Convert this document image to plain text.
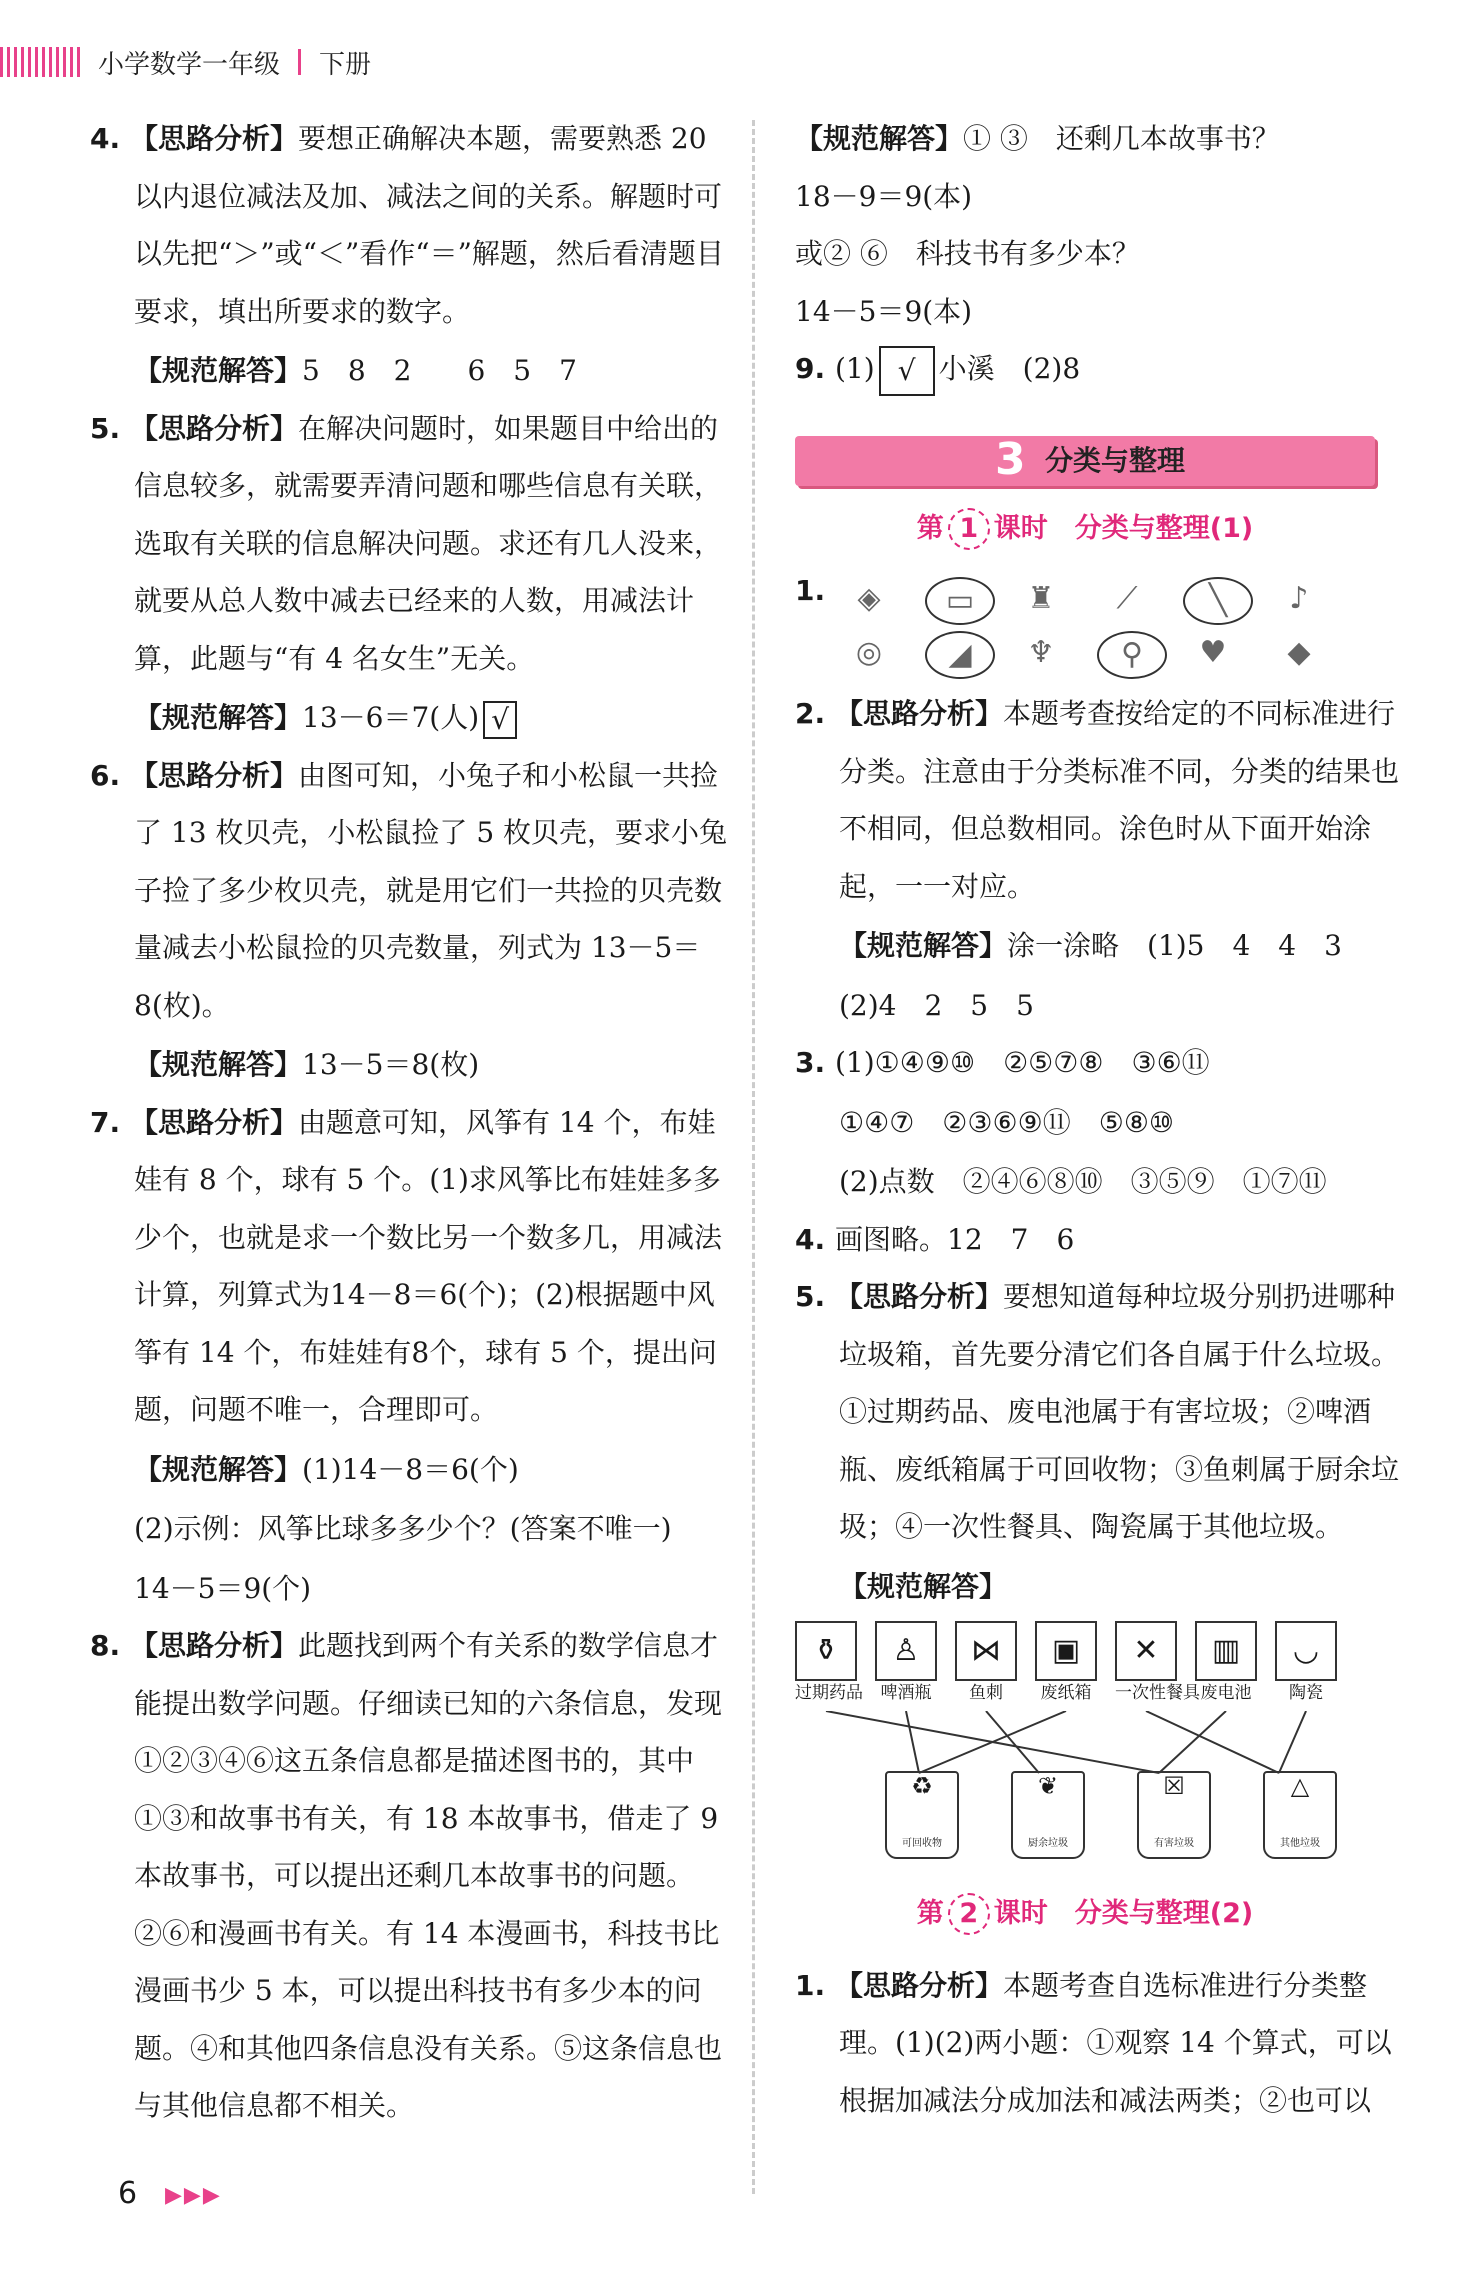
小学数学一年级 下册

4. 【思路分析】要想正确解决本题，需要熟悉 20 以内退位减法及加、减法之间的关系。解题时可以先把“＞”或“＜”看作“＝”解题，然后看清题目要求，填出所要求的数字。

【规范解答】5　8　2　　6　5　7

5. 【思路分析】在解决问题时，如果题目中给出的信息较多，就需要弄清问题和哪些信息有关联，选取有关联的信息解决问题。求还有几人没来，就要从总人数中减去已经来的人数，用减法计算，此题与“有 4 名女生”无关。

【规范解答】13－6＝7(人) √

6. 【思路分析】由图可知，小兔子和小松鼠一共捡了 13 枚贝壳，小松鼠捡了 5 枚贝壳，要求小兔子捡了多少枚贝壳，就是用它们一共捡的贝壳数量减去小松鼠捡的贝壳数量，列式为 13－5＝8(枚)。

【规范解答】13－5＝8(枚)

7. 【思路分析】由题意可知，风筝有 14 个，布娃娃有 8 个，球有 5 个。(1)求风筝比布娃娃多多少个，也就是求一个数比另一个数多几，用减法计算，列算式为14－8＝6(个)；(2)根据题中风筝有 14 个，布娃娃有8个，球有 5 个，提出问题，问题不唯一，合理即可。

【规范解答】(1)14－8＝6(个)

(2)示例：风筝比球多多少个？(答案不唯一)

14－5＝9(个)

8. 【思路分析】此题找到两个有关系的数学信息才能提出数学问题。仔细读已知的六条信息，发现①②③④⑥这五条信息都是描述图书的，其中①③和故事书有关，有 18 本故事书，借走了 9 本故事书，可以提出还剩几本故事书的问题。②⑥和漫画书有关。有 14 本漫画书，科技书比漫画书少 5 本，可以提出科技书有多少本的问题。④和其他四条信息没有关系。⑤这条信息也与其他信息都不相关。

【规范解答】① ③　还剩几本故事书？

18－9＝9(本)

或② ⑥　科技书有多少本？

14－5＝9(本)

9. (1) √ 小溪　(2)8

3 分类与整理
第 1 课时　分类与整理(1)

1.	◈	▭	♜	⟋	╲	♪
◎	◢	♆	⚲	♥	◆

2. 【思路分析】本题考查按给定的不同标准进行分类。注意由于分类标准不同，分类的结果也不相同，但总数相同。涂色时从下面开始涂起，一一对应。

【规范解答】涂一涂略　(1)5　4　4　3

(2)4　2　5　5

3. (1)①④⑨⑩　②⑤⑦⑧　③⑥⑪

①④⑦　②③⑥⑨⑪　⑤⑧⑩

(2)点数　②④⑥⑧⑩　③⑤⑨　①⑦⑪

4. 画图略。12　7　6

5. 【思路分析】要想知道每种垃圾分别扔进哪种垃圾箱，首先要分清它们各自属于什么垃圾。①过期药品、废电池属于有害垃圾；②啤酒瓶、废纸箱属于可回收物；③鱼刺属于厨余垃圾；④一次性餐具、陶瓷属于其他垃圾。

【规范解答】

⚱
过期药品
♙
啤酒瓶
⋈
鱼刺
▣
废纸箱
✕
一次性餐具
▥
废电池
◡
陶瓷
♻
可回收物
❦
厨余垃圾
☒
有害垃圾
△
其他垃圾
第 2 课时　分类与整理(2)

1. 【思路分析】本题考查自选标准进行分类整理。(1)(2)两小题：①观察 14 个算式，可以根据加减法分成加法和减法两类；②也可以

6 ▶▶▶
